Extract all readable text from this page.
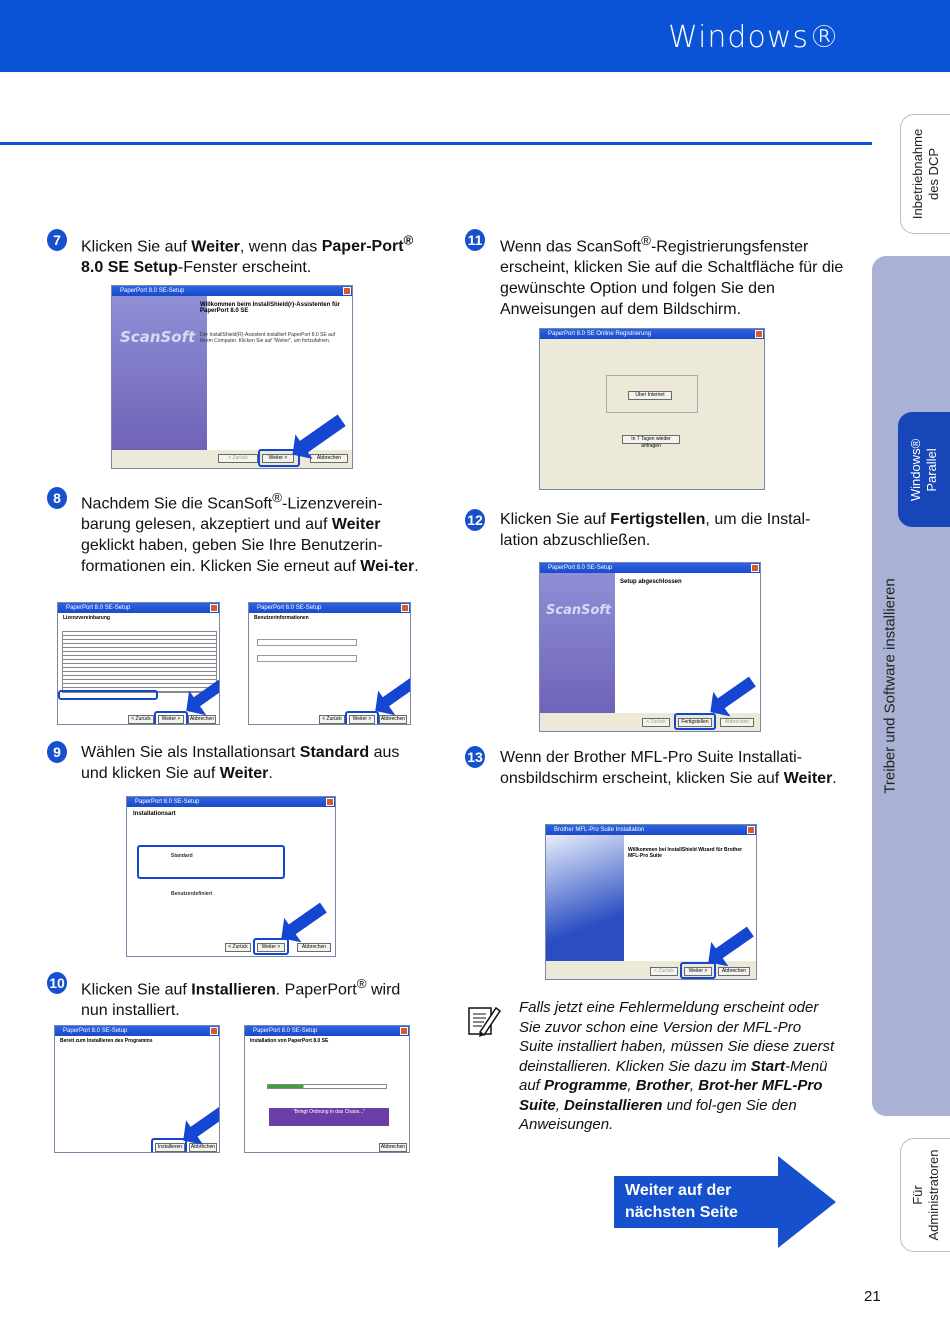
Windows®
Inbetriebnahme
des DCP
Treiber und Software installieren
Windows®
Parallel
Für
Administratoren
7	Klicken Sie auf Weiter, wenn das Paper-Port® 8.0 SE Setup-Fenster erscheint.
PaperPort 8.0 SE-Setup
ScanSoft
Willkommen beim InstallShield(r)-Assistenten für PaperPort 8.0 SE
Der InstallShield(R)-Assistent installiert PaperPort 8.0 SE auf Ihrem Computer. Klicken Sie auf "Weiter", um fortzufahren.
< Zurück	Weiter >	Abbrechen
8	Nachdem Sie die ScanSoft®-Lizenzverein-barung gelesen, akzeptiert und auf Weiter geklickt haben, geben Sie Ihre Benutzerin-formationen ein. Klicken Sie erneut auf Wei-ter.
PaperPort 8.0 SE-Setup
Lizenzvereinbarung
< Zurück	Weiter >	Abbrechen
PaperPort 8.0 SE-Setup
Benutzerinformationen
< Zurück	Weiter >	Abbrechen
9	Wählen Sie als Installationsart Standard aus und klicken Sie auf Weiter.
PaperPort 8.0 SE-Setup
Installationsart
Standard
Benutzerdefiniert
< Zurück	Weiter >	Abbrechen
10 Klicken Sie auf Installieren. PaperPort® wird nun installiert.
PaperPort 8.0 SE-Setup
Bereit zum Installieren des Programms
Installieren	Abbrechen
PaperPort 8.0 SE-Setup
Installation von PaperPort 8.0 SE
"Bringt Ordnung in das Chaos..."
Abbrechen
11 Wenn das ScanSoft®-Registrierungsfenster erscheint, klicken Sie auf die Schaltfläche für die gewünschte Option und folgen Sie den Anweisungen auf dem Bildschirm.
PaperPort 8.0 SE Online Registrierung
Über Internet
In 7 Tagen wieder anfragen
12 Klicken Sie auf Fertigstellen, um die Instal-lation abzuschließen.
PaperPort 8.0 SE-Setup
ScanSoft
Setup abgeschlossen
< Zurück	Fertigstellen	Abbrechen
13 Wenn der Brother MFL-Pro Suite Installati-onsbildschirm erscheint, klicken Sie auf Weiter.
Brother MFL-Pro Suite Installation
Willkommen bei InstallShield Wizard für Brother MFL-Pro Suite
< Zurück	Weiter >	Abbrechen
Falls jetzt eine Fehlermeldung erscheint oder Sie zuvor schon eine Version der MFL-Pro Suite installiert haben, müssen Sie diese zuerst deinstallieren. Klicken Sie dazu im Start-Menü auf Programme, Brother, Brot-her MFL-Pro Suite, Deinstallieren und fol-gen Sie den Anweisungen.
Weiter auf der
nächsten Seite
21
